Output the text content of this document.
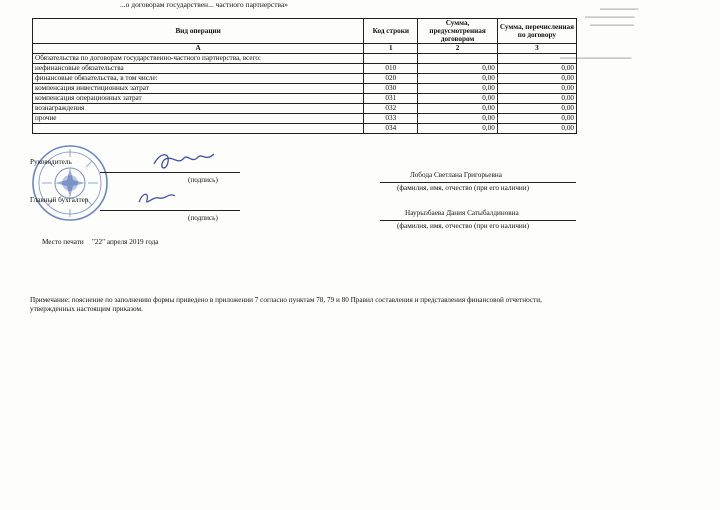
...о договорам государствен... частного партнерства»	▬▬▬▬▬▬▬
▬▬▬▬▬▬▬▬▬
▬▬▬▬▬▬▬▬
▬▬▬▬▬▬▬▬▬▬▬▬▬
Вид операции	Код строки	Сумма, предусмотренная договором	Сумма, перечисленная по договору
А	1	2	3
Обязательства по договорам государственно-частного партнерства, всего:			
нефинансовые обязательства	010	0,00	0,00
финансовые обязательства, в том числе:	020	0,00	0,00
компенсация инвестиционных затрат	030	0,00	0,00
компенсация операционных затрат	031	0,00	0,00
вознаграждения	032	0,00	0,00
прочие	033	0,00	0,00
	034	0,00	0,00
Руководитель
(подпись)
Лобода Светлана Григорьевна
(фамилия, имя, отчество (при его наличии)
Главный бухгалтер
(подпись)
Наурызбаева Дания Сатыбалдиновна
(фамилия, имя, отчество (при его наличии)
Место печати "22" апреля 2019 года
Примечание: пояснение по заполнению формы приведено в приложении 7 согласно пунктам 78, 79 и 80 Правил составления и представления финансовой отчетности, утвержденных настоящим приказом.
